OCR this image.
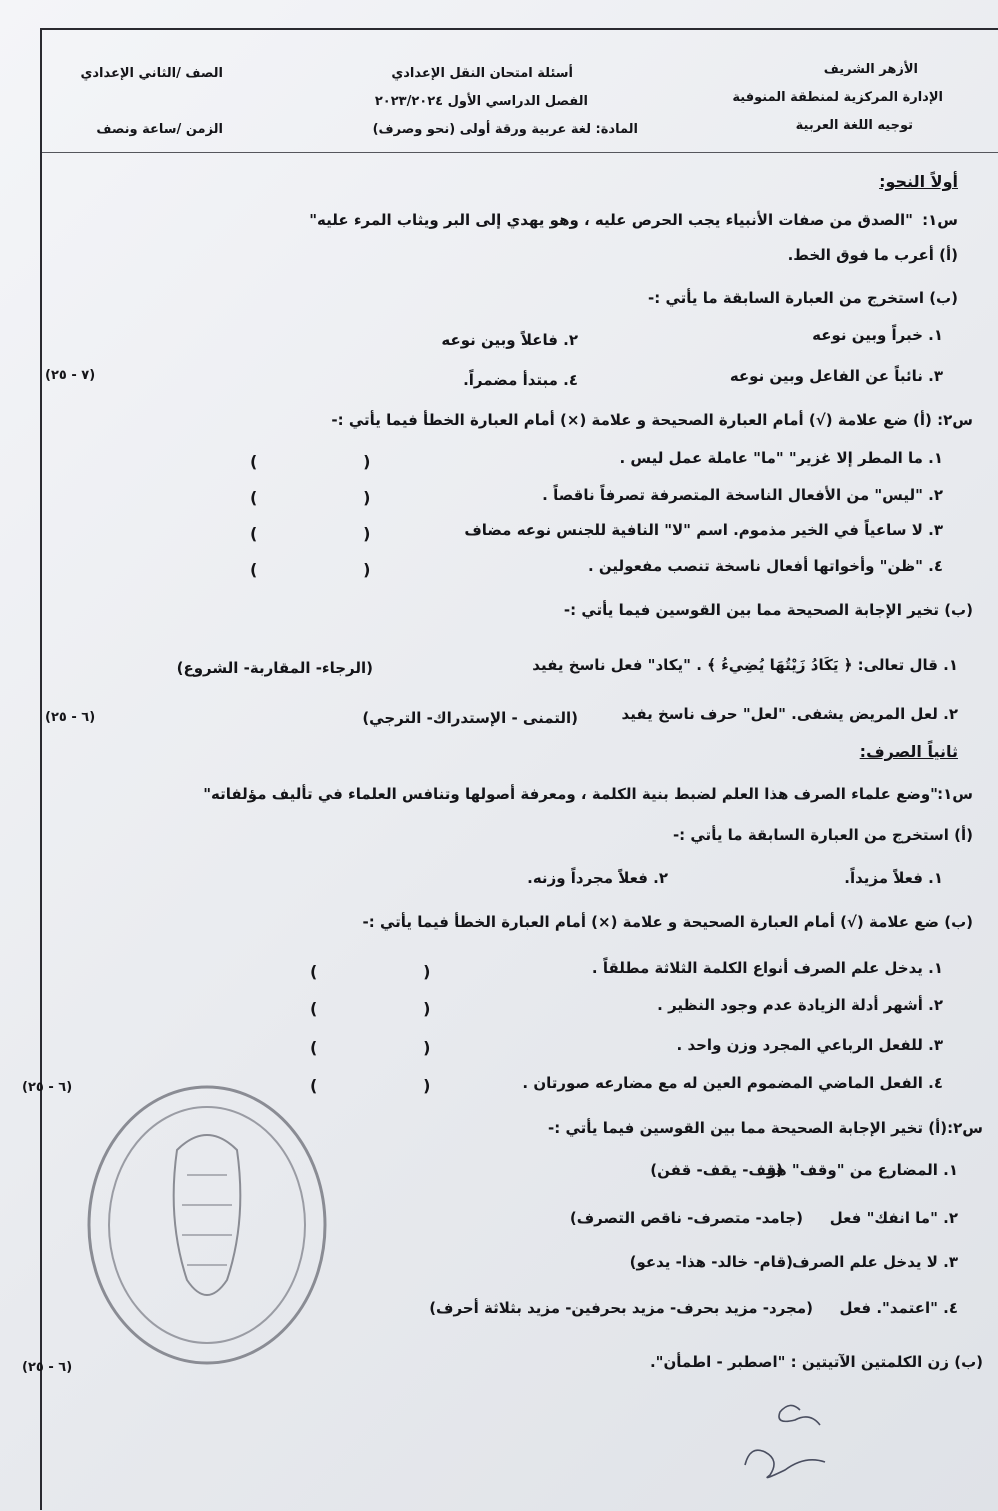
الأزهر الشريف
الإدارة المركزية لمنطقة المنوفية
توجيه اللغة العربية
أسئلة امتحان النقل الإعدادي
الفصل الدراسي الأول ٢٠٢٣/٢٠٢٤
المادة: لغة عربية ورقة أولى (نحو وصرف)
الصف /الثاني الإعدادي
الزمن /ساعة ونصف
أولاً النحو:
س١:
"الصدق من صفات الأنبياء يجب الحرص عليه ، وهو يهدي إلى البر ويثاب المرء عليه"
(أ) أعرب ما فوق الخط.
(ب) استخرج من العبارة السابقة ما يأتي :-
١. خبراً وبين نوعه
٢. فاعلاً وبين نوعه
٣. نائباً عن الفاعل وبين نوعه
٤. مبتدأ مضمراً.
(٧ - ٢٥)
س٢: (أ) ضع علامة (√) أمام العبارة الصحيحة و علامة (×) أمام العبارة الخطأ فيما يأتي :-
١. ما المطر إلا غزير" "ما" عاملة عمل ليس .
٢. "ليس" من الأفعال الناسخة المتصرفة تصرفاً ناقصاً .
٣. لا ساعياً في الخير مذموم. اسم "لا" النافية للجنس نوعه مضاف
٤. "ظن" وأخواتها أفعال ناسخة تنصب مفعولين .
(                   )
(                   )
(                   )
(                   )
(ب) تخير الإجابة الصحيحة مما بين القوسين فيما يأتي :-
١. قال تعالى: ﴿ يَكَادُ زَيْتُهَا يُضِيءُ ﴾ . "يكاد" فعل ناسخ يفيد
(الرجاء- المقاربة- الشروع)
٢. لعل المريض يشفى. "لعل" حرف ناسخ يفيد
(التمنى - الإستدراك- الترجي)
(٦ - ٢٥)
ثانياً الصرف:
س١:
"وضع علماء الصرف هذا العلم لضبط بنية الكلمة ، ومعرفة أصولها وتنافس العلماء في تأليف مؤلفاته"
(أ) استخرج من العبارة السابقة ما يأتي :-
١. فعلاً مزيداً.
٢. فعلاً مجرداً وزنه.
(ب) ضع علامة (√) أمام العبارة الصحيحة و علامة (×) أمام العبارة الخطأ فيما يأتي :-
١. يدخل علم الصرف أنواع الكلمة الثلاثة مطلقاً .
٢. أشهر أدلة الزيادة عدم وجود النظير .
٣. للفعل الرباعي المجرد وزن واحد .
٤. الفعل الماضي المضموم العين له مع مضارعه صورتان .
(                   )
(                   )
(                   )
(                   )
(٦ - ٢٥)
س٢:(أ) تخير الإجابة الصحيحة مما بين القوسين فيما يأتي :-
١. المضارع من "وقف" هو
(قف- يقف- قفن)
٢. "ما انفك" فعل
(جامد- متصرف- ناقص التصرف)
٣. لا يدخل علم الصرف
(قام- خالد- هذا- يدعو)
٤. "اعتمد". فعل
(مجرد- مزيد بحرف- مزيد بحرفين- مزيد بثلاثة أحرف)
(ب) زن الكلمتين الآتيتين : "اصطبر - اطمأن".
(٦ - ٢٥)
